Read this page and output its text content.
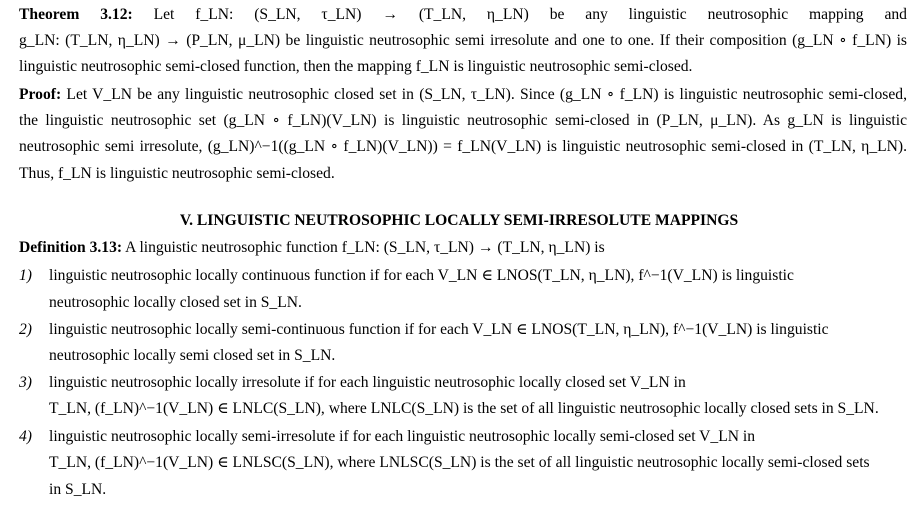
Theorem 3.12: Let f_LN: (S_LN, τ_LN) → (T_LN, η_LN) be any linguistic neutrosophic mapping and
g_LN: (T_LN, η_LN) → (P_LN, μ_LN) be linguistic neutrosophic semi irresolute and one to one. If their composition (g_LN ∘ f_LN) is
linguistic neutrosophic semi-closed function, then the mapping f_LN is linguistic neutrosophic semi-closed.
Proof: Let V_LN be any linguistic neutrosophic closed set in (S_LN, τ_LN). Since (g_LN ∘ f_LN) is linguistic neutrosophic semi-closed,
the linguistic neutrosophic set (g_LN ∘ f_LN)(V_LN) is linguistic neutrosophic semi-closed in (P_LN, μ_LN). As g_LN is linguistic
neutrosophic semi irresolute, (g_LN)^−1((g_LN ∘ f_LN)(V_LN)) = f_LN(V_LN) is linguistic neutrosophic semi-closed in (T_LN, η_LN).
Thus, f_LN is linguistic neutrosophic semi-closed.
V. LINGUISTIC NEUTROSOPHIC LOCALLY SEMI-IRRESOLUTE MAPPINGS
Definition 3.13: A linguistic neutrosophic function f_LN: (S_LN, τ_LN) → (T_LN, η_LN) is
1) linguistic neutrosophic locally continuous function if for each V_LN ∈ LNOS(T_LN, η_LN), f^−1(V_LN) is linguistic
neutrosophic locally closed set in S_LN.
2) linguistic neutrosophic locally semi-continuous function if for each V_LN ∈ LNOS(T_LN, η_LN), f^−1(V_LN) is linguistic
neutrosophic locally semi closed set in S_LN.
3) linguistic neutrosophic locally irresolute if for each linguistic neutrosophic locally closed set V_LN in
T_LN, (f_LN)^−1(V_LN) ∈ LNLC(S_LN), where LNLC(S_LN) is the set of all linguistic neutrosophic locally closed sets in S_LN.
4) linguistic neutrosophic locally semi-irresolute if for each linguistic neutrosophic locally semi-closed set V_LN in
T_LN, (f_LN)^−1(V_LN) ∈ LNLSC(S_LN), where LNLSC(S_LN) is the set of all linguistic neutrosophic locally semi-closed sets
in S_LN.
